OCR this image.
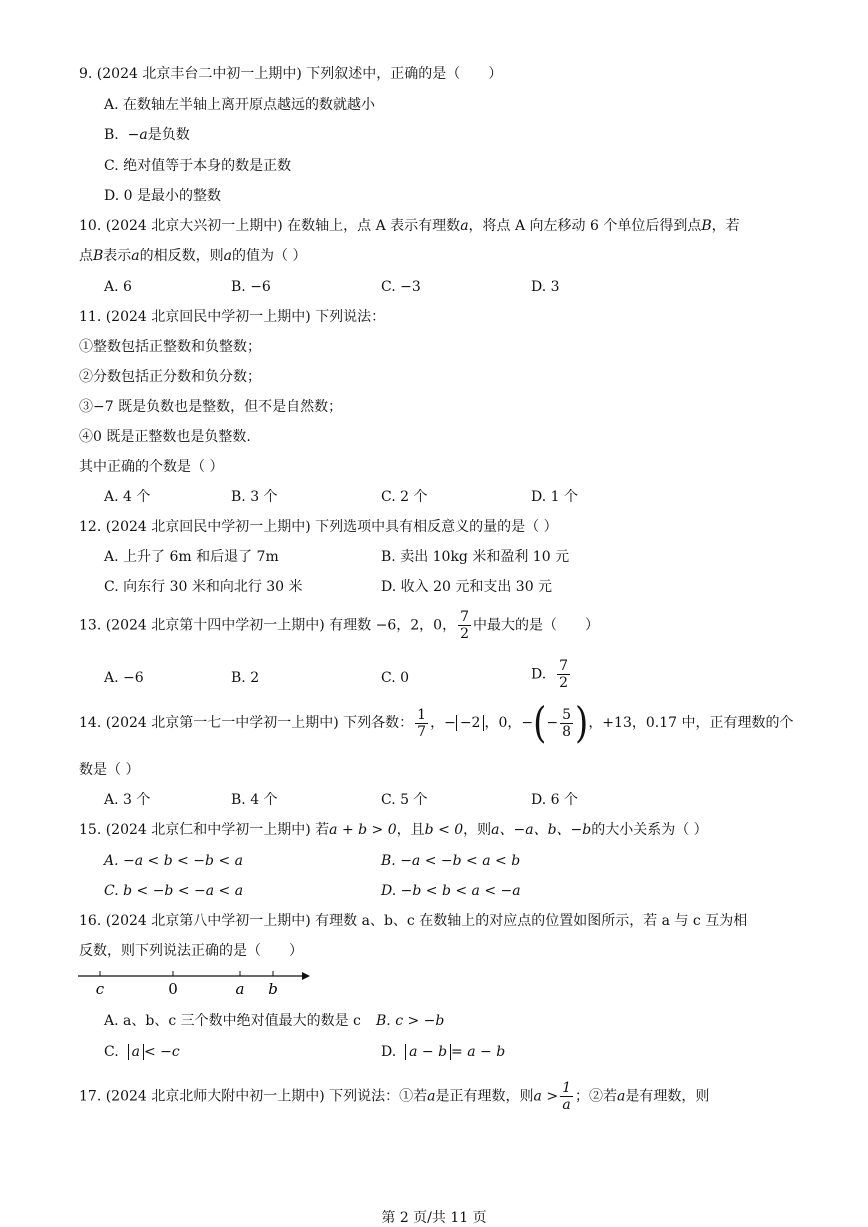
9. (2024 北京丰台二中初一上期中) 下列叙述中，正确的是（　　）
A. 在数轴左半轴上离开原点越远的数就越小
B. −a是负数
C. 绝对值等于本身的数是正数
D. 0 是最小的整数
10. (2024 北京大兴初一上期中) 在数轴上，点 A 表示有理数a，将点 A 向左移动 6 个单位后得到点B，若
点B表示a的相反数，则a的值为（ ）
A. 6	B. −6	C. −3	D. 3
11. (2024 北京回民中学初一上期中) 下列说法：
①整数包括正整数和负整数；
②分数包括正分数和负分数；
③−7 既是负数也是整数，但不是自然数；
④0 既是正整数也是负整数.
其中正确的个数是（ ）
A. 4 个	B. 3 个	C. 2 个	D. 1 个
12. (2024 北京回民中学初一上期中) 下列选项中具有相反意义的量的是（ ）
A. 上升了 6m 和后退了 7m	B. 卖出 10kg 米和盈利 10 元
C. 向东行 30 米和向北行 30 米	D. 收入 20 元和支出 30 元
13. (2024 北京第十四中学初一上期中) 有理数 −6，2，0， $\frac{7}{2}$ 中最大的是（　　）
A. −6	B. 2	C. 0	D. $\frac{7}{2}$
14. (2024 北京第一七一中学初一上期中) 下列各数： $\frac{1}{7}$ ，− −2 ，0，−(− $\frac{5}{8}$ )，+13，0.17 中，正有理数的个
数是（ ）
A. 3 个	B. 4 个	C. 5 个	D. 6 个
15. (2024 北京仁和中学初一上期中) 若a + b > 0，且b < 0，则a、−a、b、−b的大小关系为（ ）
A. −a < b < −b < a	B. −a < −b < a < b
C. b < −b < −a < a	D. −b < b < a < −a
16. (2024 北京第八中学初一上期中) 有理数 a、b、c 在数轴上的对应点的位置如图所示，若 a 与 c 互为相
反数，则下列说法正确的是（　　）
c	0	a b
A. a、b、c 三个数中绝对值最大的数是 c B. c > −b
C. a < −c	D. a − b = a − b
17. (2024 北京北师大附中初一上期中) 下列说法：①若a是正有理数，则$a > \frac{1}{a}$ ；②若a是有理数，则
第 2 页/共 11 页
